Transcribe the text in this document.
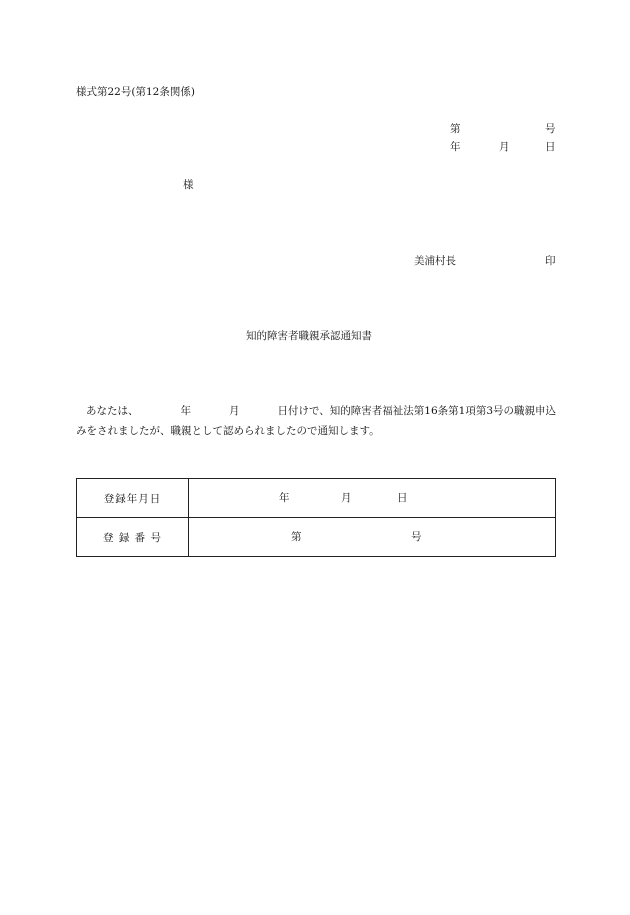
様式第22号(第12条関係)
第	号
年	月	日
様
美浦村長	印
知的障害者職親承認通知書
あなたは、	年	月	日付けで、知的障害者福祉法第16条第1項第3号の職親申込みをされましたが、職親として認められましたので通知します。
登録年月日	年 月 日

登 録 番 号	第 号
